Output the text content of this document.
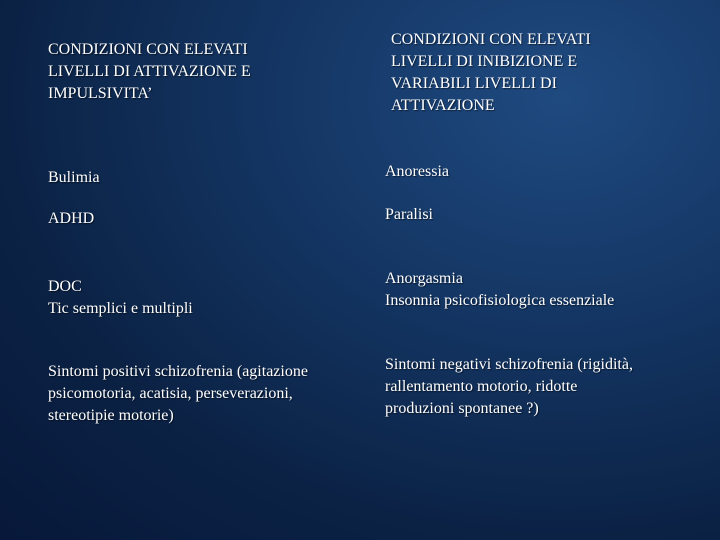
CONDIZIONI CON ELEVATI
LIVELLI DI ATTIVAZIONE E
IMPULSIVITA’
CONDIZIONI CON ELEVATI
LIVELLI DI INIBIZIONE E
VARIABILI LIVELLI DI
ATTIVAZIONE
Bulimia
ADHD
DOC
Tic semplici e multipli
Sintomi positivi schizofrenia (agitazione
psicomotoria, acatisia, perseverazioni,
stereotipie motorie)
Anoressia
Paralisi
Anorgasmia
Insonnia psicofisiologica essenziale
Sintomi negativi schizofrenia (rigidità,
rallentamento motorio, ridotte
produzioni spontanee ?)
